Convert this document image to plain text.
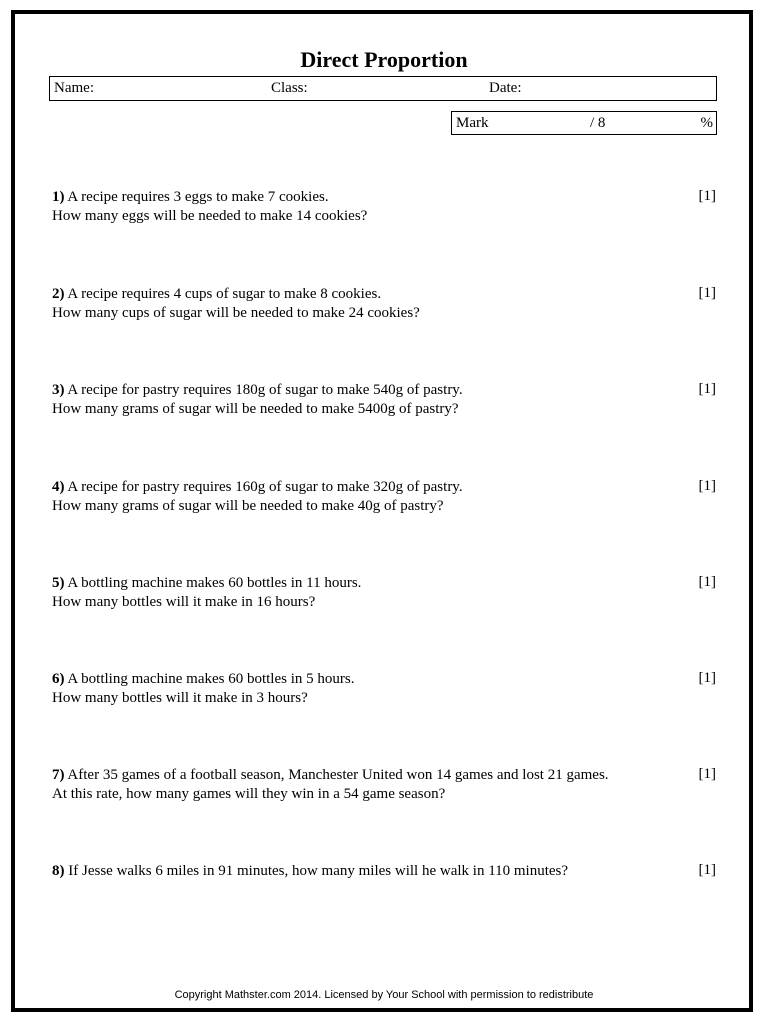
Direct Proportion
Name:	Class:	Date:
Mark	/ 8	%
1) A recipe requires 3 eggs to make 7 cookies.
How many eggs will be needed to make 14 cookies?
[1]
2) A recipe requires 4 cups of sugar to make 8 cookies.
How many cups of sugar will be needed to make 24 cookies?
[1]
3) A recipe for pastry requires 180g of sugar to make 540g of pastry.
How many grams of sugar will be needed to make 5400g of pastry?
[1]
4) A recipe for pastry requires 160g of sugar to make 320g of pastry.
How many grams of sugar will be needed to make 40g of pastry?
[1]
5) A bottling machine makes 60 bottles in 11 hours.
How many bottles will it make in 16 hours?
[1]
6) A bottling machine makes 60 bottles in 5 hours.
How many bottles will it make in 3 hours?
[1]
7) After 35 games of a football season, Manchester United won 14 games and lost 21 games.
At this rate, how many games will they win in a 54 game season?
[1]
8) If Jesse walks 6 miles in 91 minutes, how many miles will he walk in 110 minutes?	[1]
Copyright Mathster.com 2014. Licensed by Your School with permission to redistribute
